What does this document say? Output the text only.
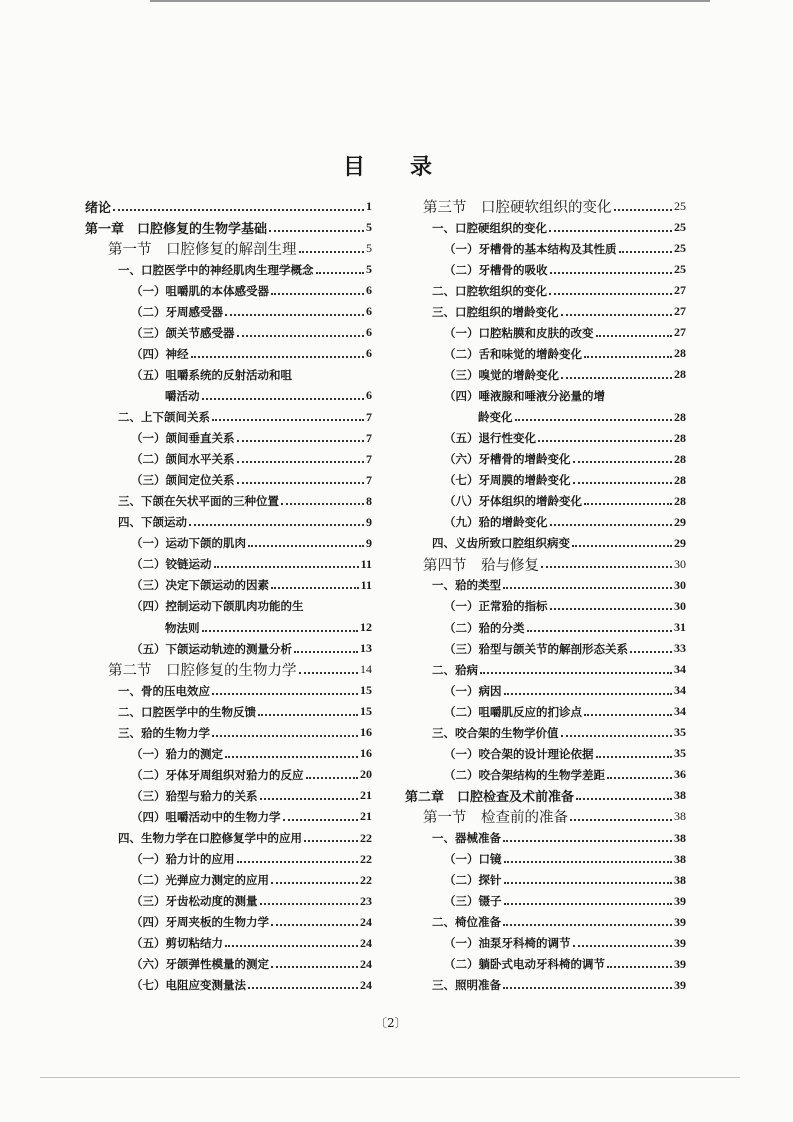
目 录
绪论	1
第一章　口腔修复的生物学基础	5
第一节　口腔修复的解剖生理	5
一、口腔医学中的神经肌肉生理学概念	5
（一）咀嚼肌的本体感受器	6
（二）牙周感受器	6
（三）颌关节感受器	6
（四）神经	6
（五）咀嚼系统的反射活动和咀
嚼活动	6
二、上下颌间关系	7
（一）颌间垂直关系	7
（二）颌间水平关系	7
（三）颌间定位关系	7
三、下颌在矢状平面的三种位置	8
四、下颌运动	9
（一）运动下颌的肌肉	9
（二）铰链运动	11
（三）决定下颌运动的因素	11
（四）控制运动下颌肌肉功能的生
物法则	12
（五）下颌运动轨迹的测量分析	13
第二节　口腔修复的生物力学	14
一、骨的压电效应	15
二、口腔医学中的生物反馈	15
三、𬌗的生物力学	16
（一）𬌗力的测定	16
（二）牙体牙周组织对𬌗力的反应	20
（三）𬌗型与𬌗力的关系	21
（四）咀嚼活动中的生物力学	21
四、生物力学在口腔修复学中的应用	22
（一）𬌗力计的应用	22
（二）光弹应力测定的应用	22
（三）牙齿松动度的测量	23
（四）牙周夹板的生物力学	24
（五）剪切粘结力	24
（六）牙颌弹性模量的测定	24
（七）电阻应变测量法	24
第三节　口腔硬软组织的变化	25
一、口腔硬组织的变化	25
（一）牙槽骨的基本结构及其性质	25
（二）牙槽骨的吸收	25
二、口腔软组织的变化	27
三、口腔组织的增龄变化	27
（一）口腔粘膜和皮肤的改变	27
（二）舌和味觉的增龄变化	28
（三）嗅觉的增龄变化	28
（四）唾液腺和唾液分泌量的增
龄变化	28
（五）退行性变化	28
（六）牙槽骨的增龄变化	28
（七）牙周膜的增龄变化	28
（八）牙体组织的增龄变化	28
（九）𬌗的增龄变化	29
四、义齿所致口腔组织病变	29
第四节　𬌗与修复	30
一、𬌗的类型	30
（一）正常𬌗的指标	30
（二）𬌗的分类	31
（三）𬌗型与颌关节的解剖形态关系	33
二、𬌗病	34
（一）病因	34
（二）咀嚼肌反应的扪诊点	34
三、咬合架的生物学价值	35
（一）咬合架的设计理论依据	35
（二）咬合架结构的生物学差距	36
第二章　口腔检查及术前准备	38
第一节　检查前的准备	38
一、器械准备	38
（一）口镜	38
（二）探针	38
（三）镊子	39
二、椅位准备	39
（一）油泵牙科椅的调节	39
（二）躺卧式电动牙科椅的调节	39
三、照明准备	39
〔2〕
